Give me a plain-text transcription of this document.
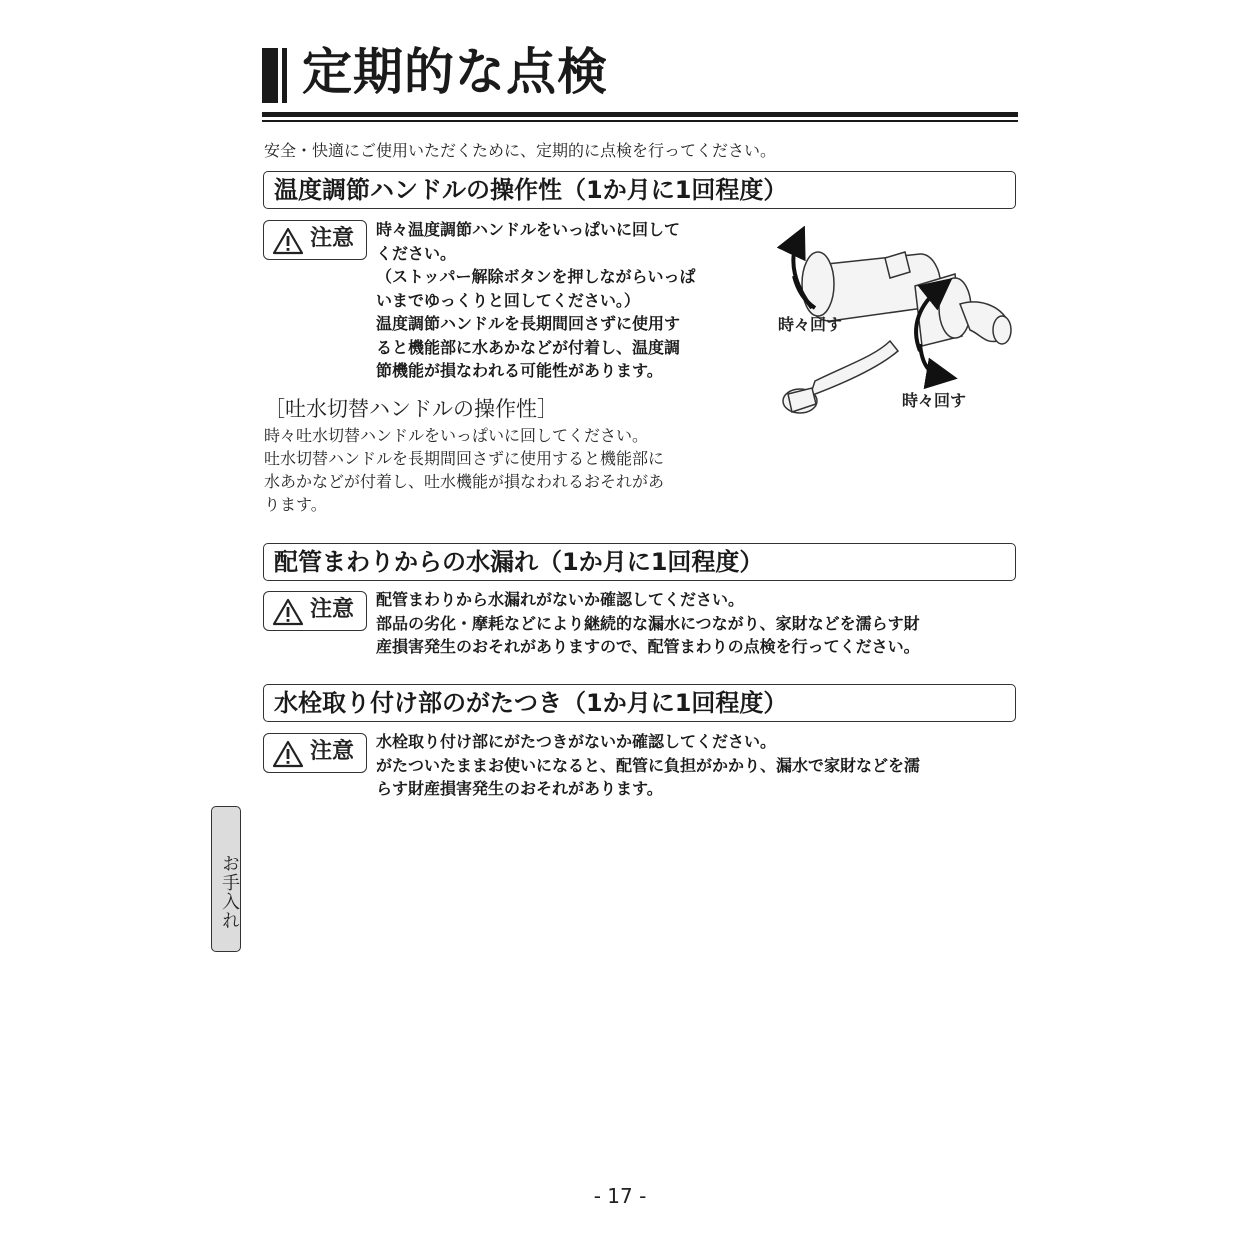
定期的な点検
安全・快適にご使用いただくために、定期的に点検を行ってください。
温度調節ハンドルの操作性（1か月に1回程度）
注意 時々温度調節ハンドルをいっぱいに回して
ください。
（ストッパー解除ボタンを押しながらいっぱ
いまでゆっくりと回してください。）
温度調節ハンドルを長期間回さずに使用す
ると機能部に水あかなどが付着し、温度調
節機能が損なわれる可能性があります。
［吐水切替ハンドルの操作性］
時々吐水切替ハンドルをいっぱいに回してください。
吐水切替ハンドルを長期間回さずに使用すると機能部に
水あかなどが付着し、吐水機能が損なわれるおそれがあ
ります。
時々回す
時々回す
配管まわりからの水漏れ（1か月に1回程度）
注意 配管まわりから水漏れがないか確認してください。
部品の劣化・摩耗などにより継続的な漏水につながり、家財などを濡らす財
産損害発生のおそれがありますので、配管まわりの点検を行ってください。
水栓取り付け部のがたつき（1か月に1回程度）
注意 水栓取り付け部にがたつきがないか確認してください。
がたついたままお使いになると、配管に負担がかかり、漏水で家財などを濡
らす財産損害発生のおそれがあります。
お手入れ
- 17 -
